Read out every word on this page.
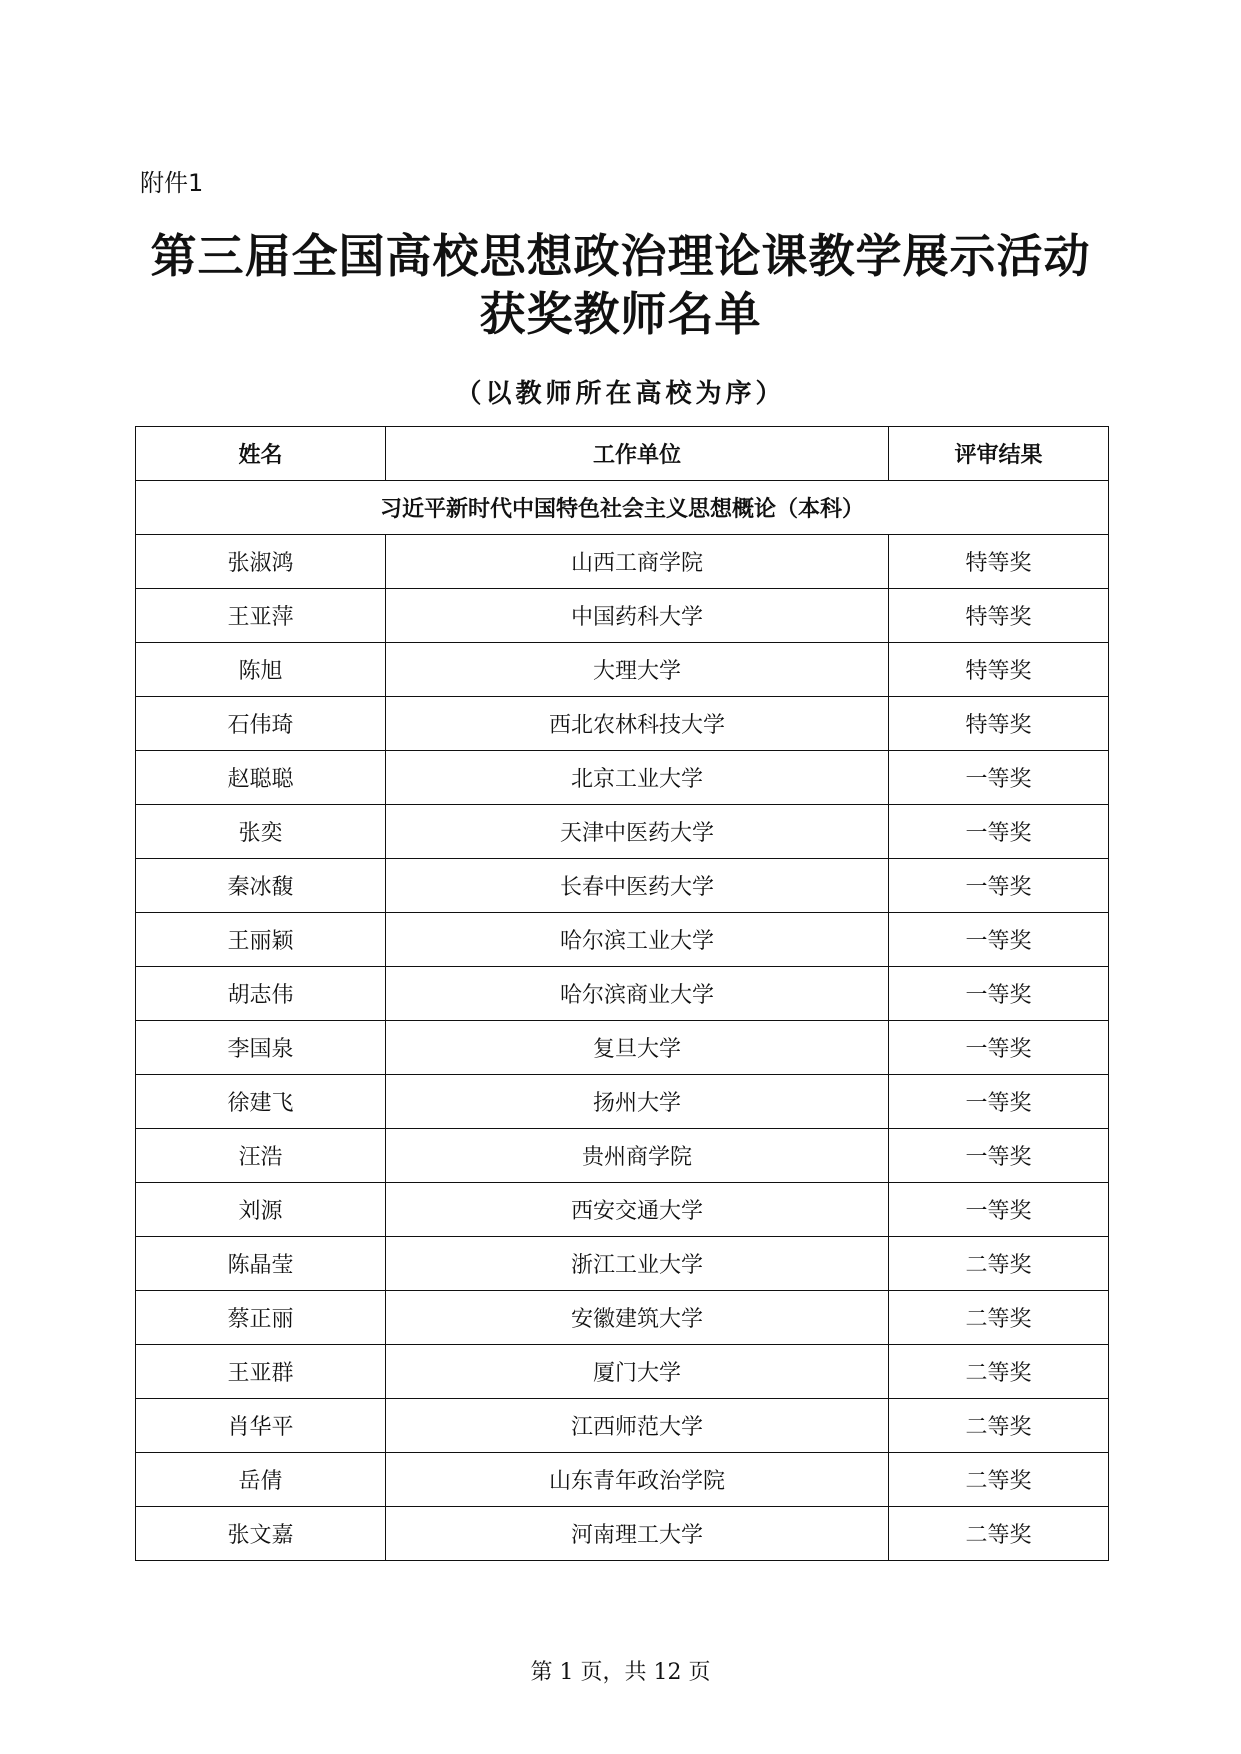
附件1
第三届全国高校思想政治理论课教学展示活动
获奖教师名单
（以教师所在高校为序）
姓名	工作单位	评审结果
习近平新时代中国特色社会主义思想概论（本科）		
张淑鸿	山西工商学院	特等奖
王亚萍	中国药科大学	特等奖
陈旭	大理大学	特等奖
石伟琦	西北农林科技大学	特等奖
赵聪聪	北京工业大学	一等奖
张奕	天津中医药大学	一等奖
秦冰馥	长春中医药大学	一等奖
王丽颖	哈尔滨工业大学	一等奖
胡志伟	哈尔滨商业大学	一等奖
李国泉	复旦大学	一等奖
徐建飞	扬州大学	一等奖
汪浩	贵州商学院	一等奖
刘源	西安交通大学	一等奖
陈晶莹	浙江工业大学	二等奖
蔡正丽	安徽建筑大学	二等奖
王亚群	厦门大学	二等奖
肖华平	江西师范大学	二等奖
岳倩	山东青年政治学院	二等奖
张文嘉	河南理工大学	二等奖
第 1 页，共 12 页
